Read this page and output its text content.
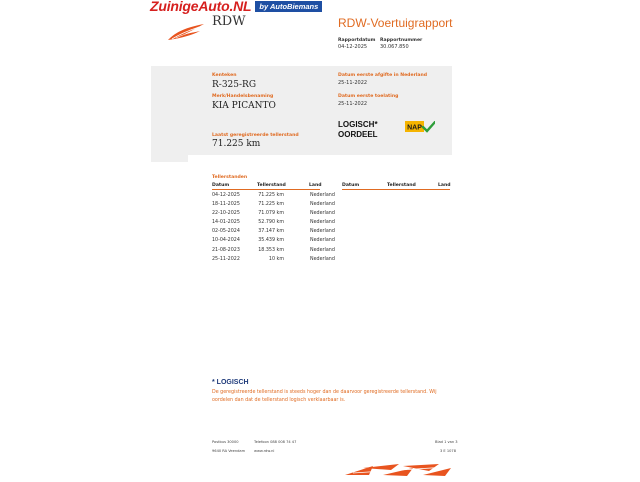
ZuinigeAuto.NL	by AutoBiemans
RDW	RDW-Voertuigrapport
Rapportdatum
04-12-2025
Rapportnummer
30.067.850
Kenteken
R-325-RG
Merk/Handelsbenaming
KIA PICANTO
Laatst geregistreerde tellerstand
71.225 km
Datum eerste afgifte in Nederland
25-11-2022
Datum eerste toelating
25-11-2022
LOGISCH*
OORDEEL
NAP
Tellerstanden
Datum	Tellerstand	Land	Datum	Tellerstand	Land
04-12-2025	71.225 km	Nederland
18-11-2025	71.225 km	Nederland
22-10-2025	71.079 km	Nederland
14-01-2025	52.790 km	Nederland
02-05-2024	37.147 km	Nederland
10-04-2024	35.439 km	Nederland
21-08-2023	18.353 km	Nederland
25-11-2022	10 km	Nederland
* LOGISCH
De geregistreerde tellerstand is steeds hoger dan de daarvoor geregistreerde tellerstand. Wij oordelen dan dat de tellerstand logisch verklaarbaar is.
Postbus 30000
9640 RA Veendam
Telefoon 088 008 74 47
www.rdw.nl
Blad 1 van 3
3 E 1078
